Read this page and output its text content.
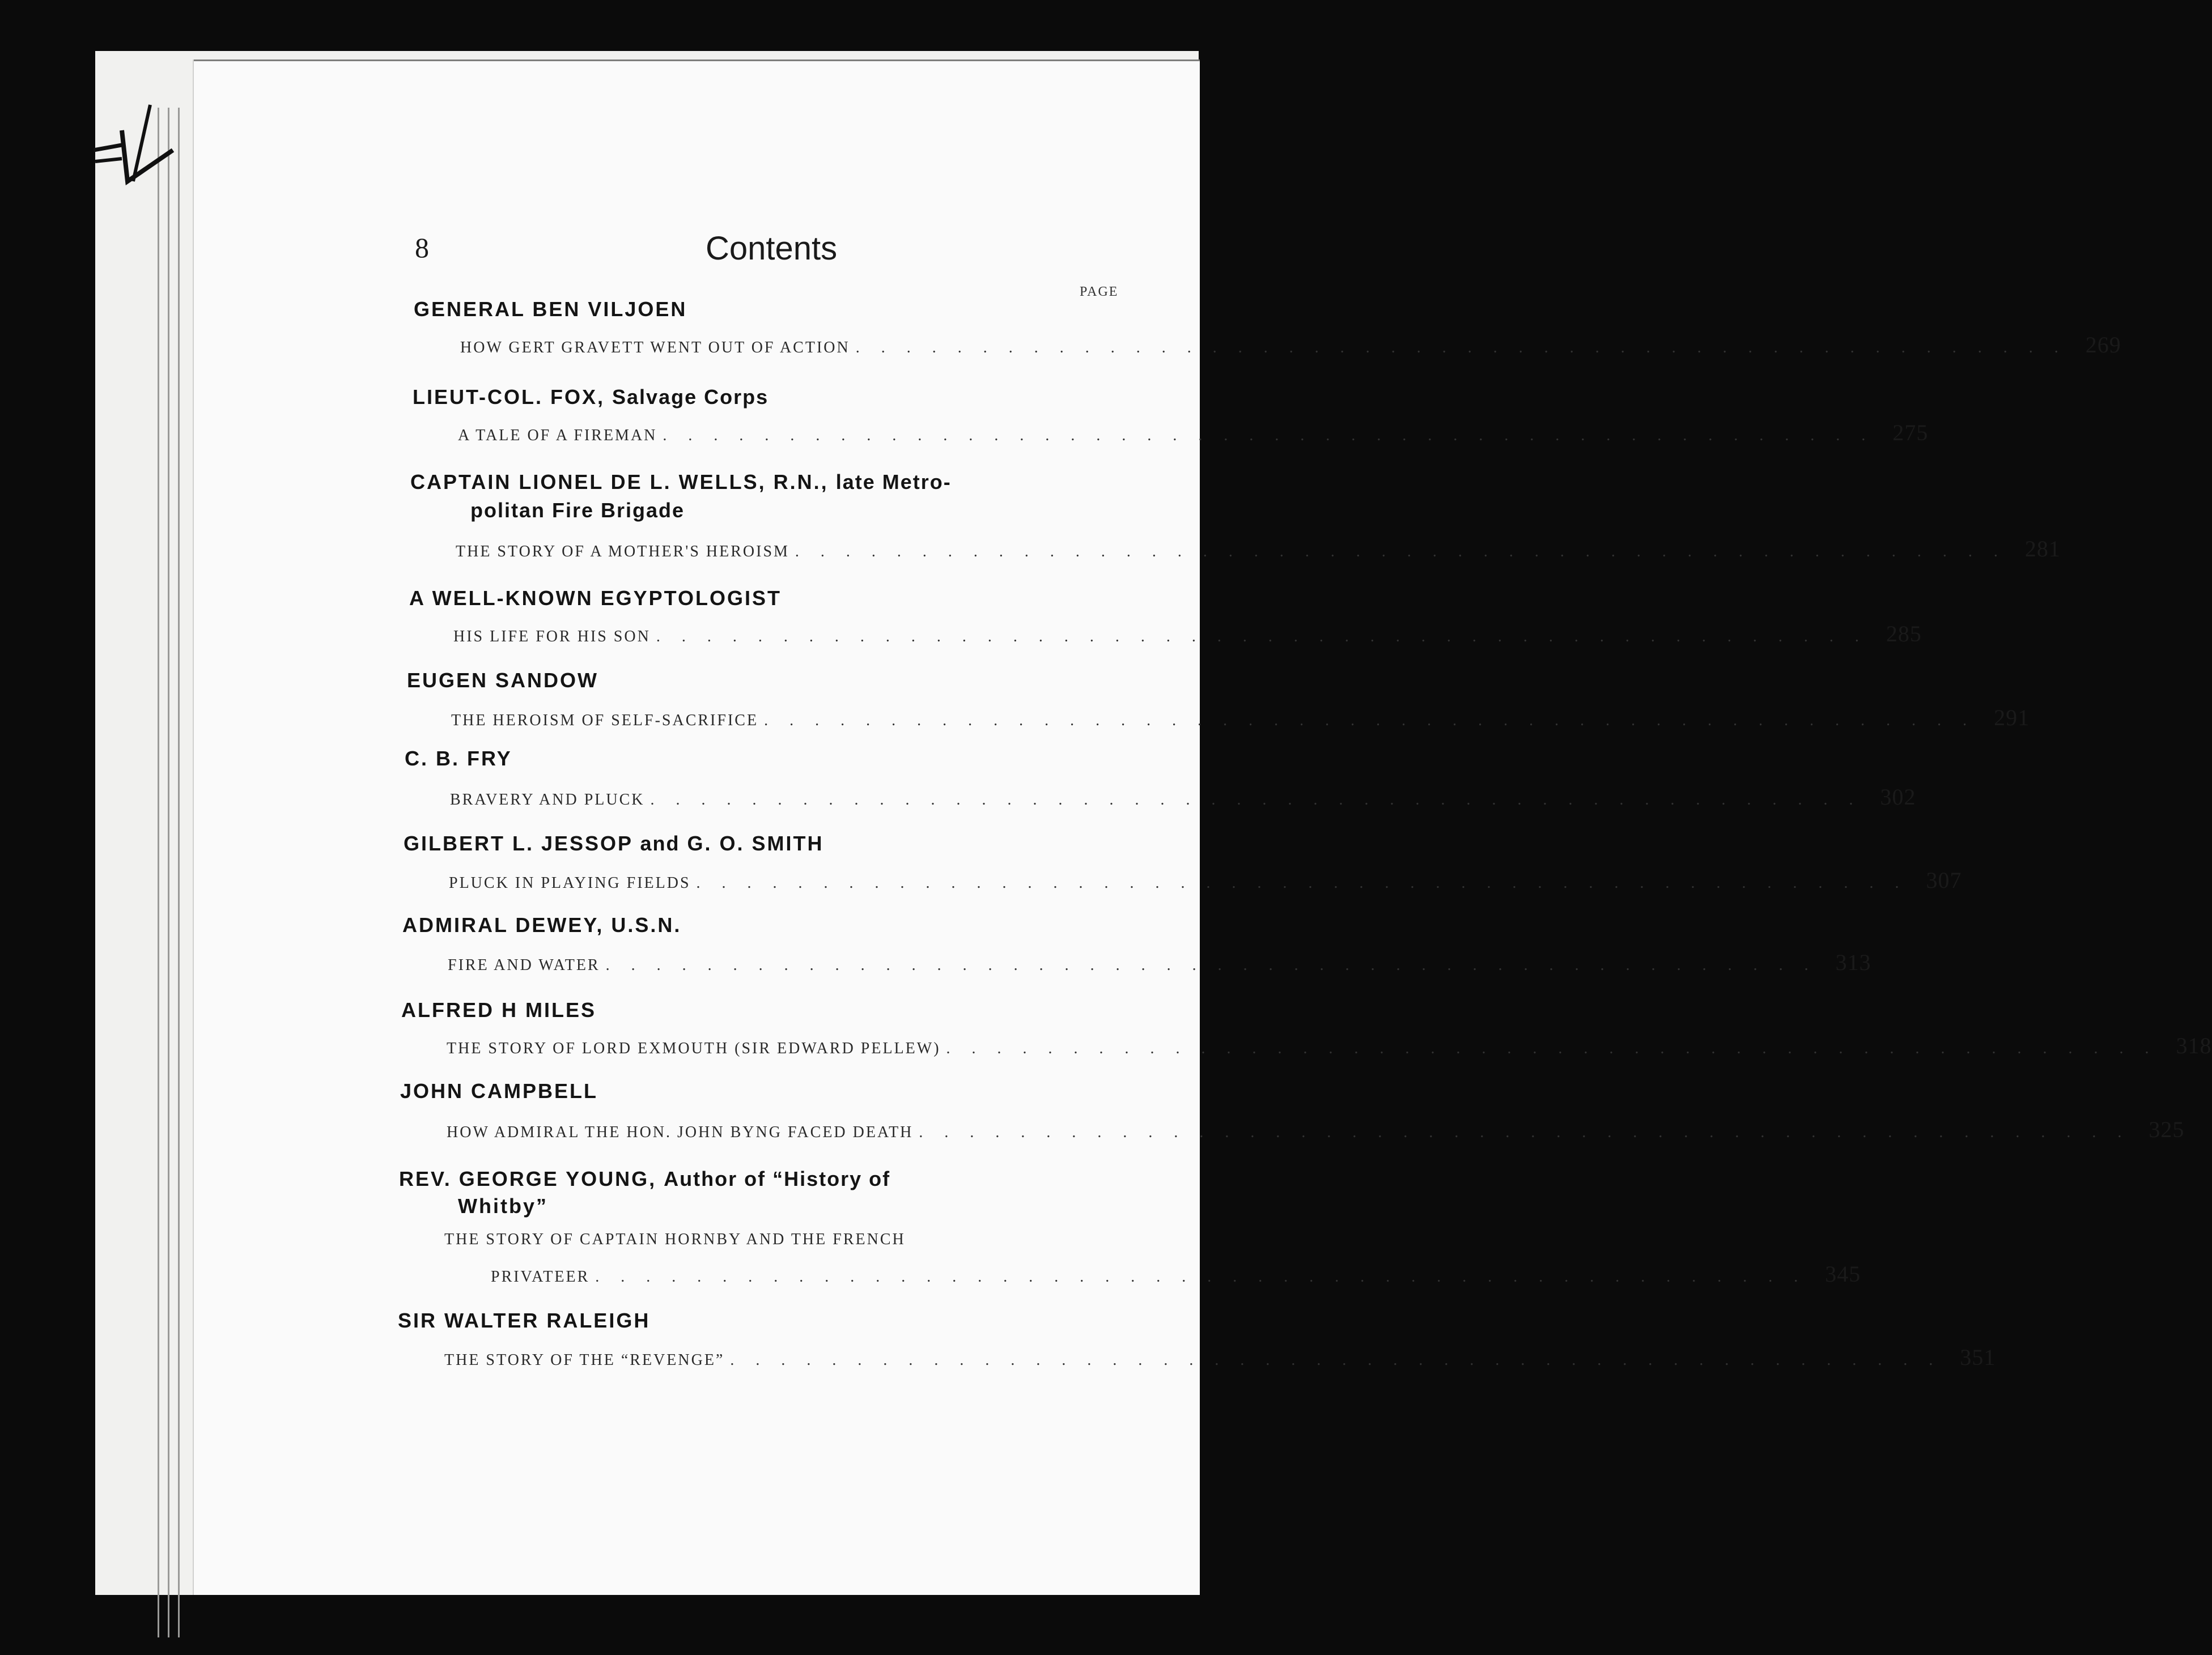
8	Contents
PAGE
GENERAL BEN VILJOEN
HOW GERT GRAVETT WENT OUT OF ACTION ................................................ 269
LIEUT-COL. FOX, Salvage Corps
A TALE OF A FIREMAN ................................................ 275
CAPTAIN LIONEL DE L. WELLS, R.N., late Metro-
politan Fire Brigade
THE STORY OF A MOTHER'S HEROISM ................................................ 281
A WELL-KNOWN EGYPTOLOGIST
HIS LIFE FOR HIS SON ................................................ 285
EUGEN SANDOW
THE HEROISM OF SELF-SACRIFICE ................................................ 291
C. B. FRY
BRAVERY AND PLUCK ................................................ 302
GILBERT L. JESSOP and G. O. SMITH
PLUCK IN PLAYING FIELDS ................................................ 307
ADMIRAL DEWEY, U.S.N.
FIRE AND WATER ................................................ 313
ALFRED H MILES
THE STORY OF LORD EXMOUTH (SIR EDWARD PELLEW) ................................................ 318
JOHN CAMPBELL
HOW ADMIRAL THE HON. JOHN BYNG FACED DEATH ................................................ 325
REV. GEORGE YOUNG, Author of “History of
Whitby”
THE STORY OF CAPTAIN HORNBY AND THE FRENCH
PRIVATEER ................................................ 345
SIR WALTER RALEIGH
THE STORY OF THE “REVENGE” ................................................ 351
